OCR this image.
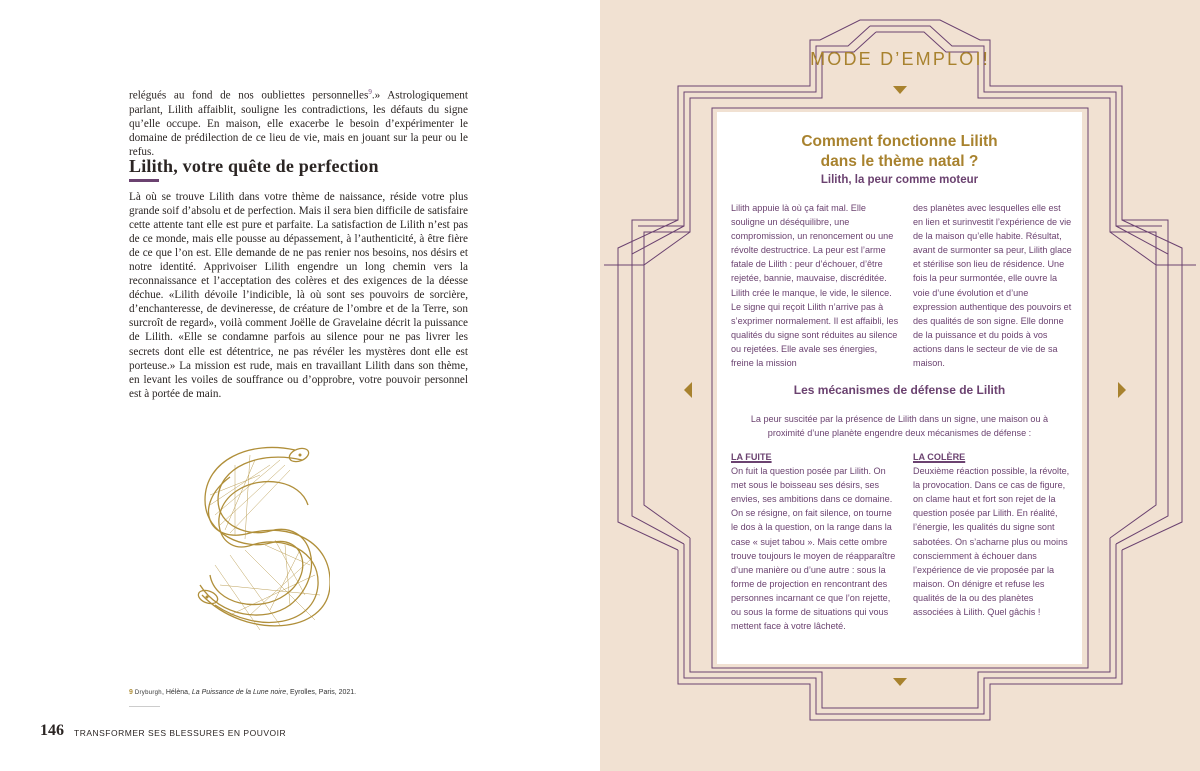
relégués au fond de nos oubliettes personnelles$^9$.» Astrologiquement parlant, Lilith affaiblit, souligne les contradictions, les défauts du signe qu’elle occupe. En maison, elle exacerbe le besoin d’expérimenter le domaine de prédilection de ce lieu de vie, mais en jouant sur la peur ou le refus.

Lilith, votre quête de perfection

Là où se trouve Lilith dans votre thème de naissance, réside votre plus grande soif d’absolu et de perfection. Mais il sera bien difficile de satisfaire cette attente tant elle est pure et parfaite. La satisfaction de Lilith n’est pas de ce monde, mais elle pousse au dépassement, à l’authenticité, à être fière de ce que l’on est. Elle demande de ne pas renier nos besoins, nos désirs et notre identité. Apprivoiser Lilith engendre un long chemin vers la reconnaissance et l’acceptation des colères et des exigences de la déesse déchue. «Lilith dévoile l’indicible, là où sont ses pouvoirs de sorcière, d’enchanteresse, de devineresse, de créature de l’ombre et de la Terre, son surcroît de regard», voilà comment Joëlle de Gravelaine décrit la puissance de Lilith. «Elle se condamne parfois au silence pour ne pas livrer les secrets dont elle est détentrice, ne pas révéler les mystères dont elle est porteuse.» La mission est rude, mais en travaillant Lilith dans son thème, en levant les voiles de souffrance ou d’opprobre, votre pouvoir personnel est à portée de main.

9 Dryburgh, Hélèna, La Puissance de la Lune noire, Eyrolles, Paris, 2021.
146 TRANSFORMER SES BLESSURES EN POUVOIR
MODE D’EMPLOI!
Comment fonctionne Lilith
dans le thème natal ?

Lilith, la peur comme moteur

Lilith appuie là où ça fait mal. Elle souligne un déséquilibre, une compromission, un renoncement ou une révolte destructrice. La peur est l’arme fatale de Lilith : peur d’échouer, d’être rejetée, bannie, mauvaise, discréditée. Lilith crée le manque, le vide, le silence. Le signe qui reçoit Lilith n’arrive pas à s’exprimer normalement. Il est affaibli, les qualités du signe sont réduites au silence ou rejetées. Elle avale ses énergies, freine la mission

des planètes avec lesquelles elle est en lien et surinvestit l’expérience de vie de la maison qu’elle habite. Résultat, avant de surmonter sa peur, Lilith glace et stérilise son lieu de résidence. Une fois la peur surmontée, elle ouvre la voie d’une évolution et d’une expression authentique des pouvoirs et des qualités de son signe. Elle donne de la puissance et du poids à vos actions dans le secteur de vie de sa maison.

Les mécanismes de défense de Lilith

La peur suscitée par la présence de Lilith dans un signe, une maison ou à proximité d’une planète engendre deux mécanismes de défense :

LA FUITE

On fuit la question posée par Lilith. On met sous le boisseau ses désirs, ses envies, ses ambitions dans ce domaine. On se résigne, on fait silence, on tourne le dos à la question, on la range dans la case « sujet tabou ». Mais cette ombre trouve toujours le moyen de réapparaître d’une manière ou d’une autre : sous la forme de projection en rencontrant des personnes incarnant ce que l’on rejette, ou sous la forme de situations qui vous mettent face à votre lâcheté.

LA COLÈRE

Deuxième réaction possible, la révolte, la provocation. Dans ce cas de figure, on clame haut et fort son rejet de la question posée par Lilith. En réalité, l’énergie, les qualités du signe sont sabotées. On s’acharne plus ou moins consciemment à échouer dans l’expérience de vie proposée par la maison. On dénigre et refuse les qualités de la ou des planètes associées à Lilith. Quel gâchis !
